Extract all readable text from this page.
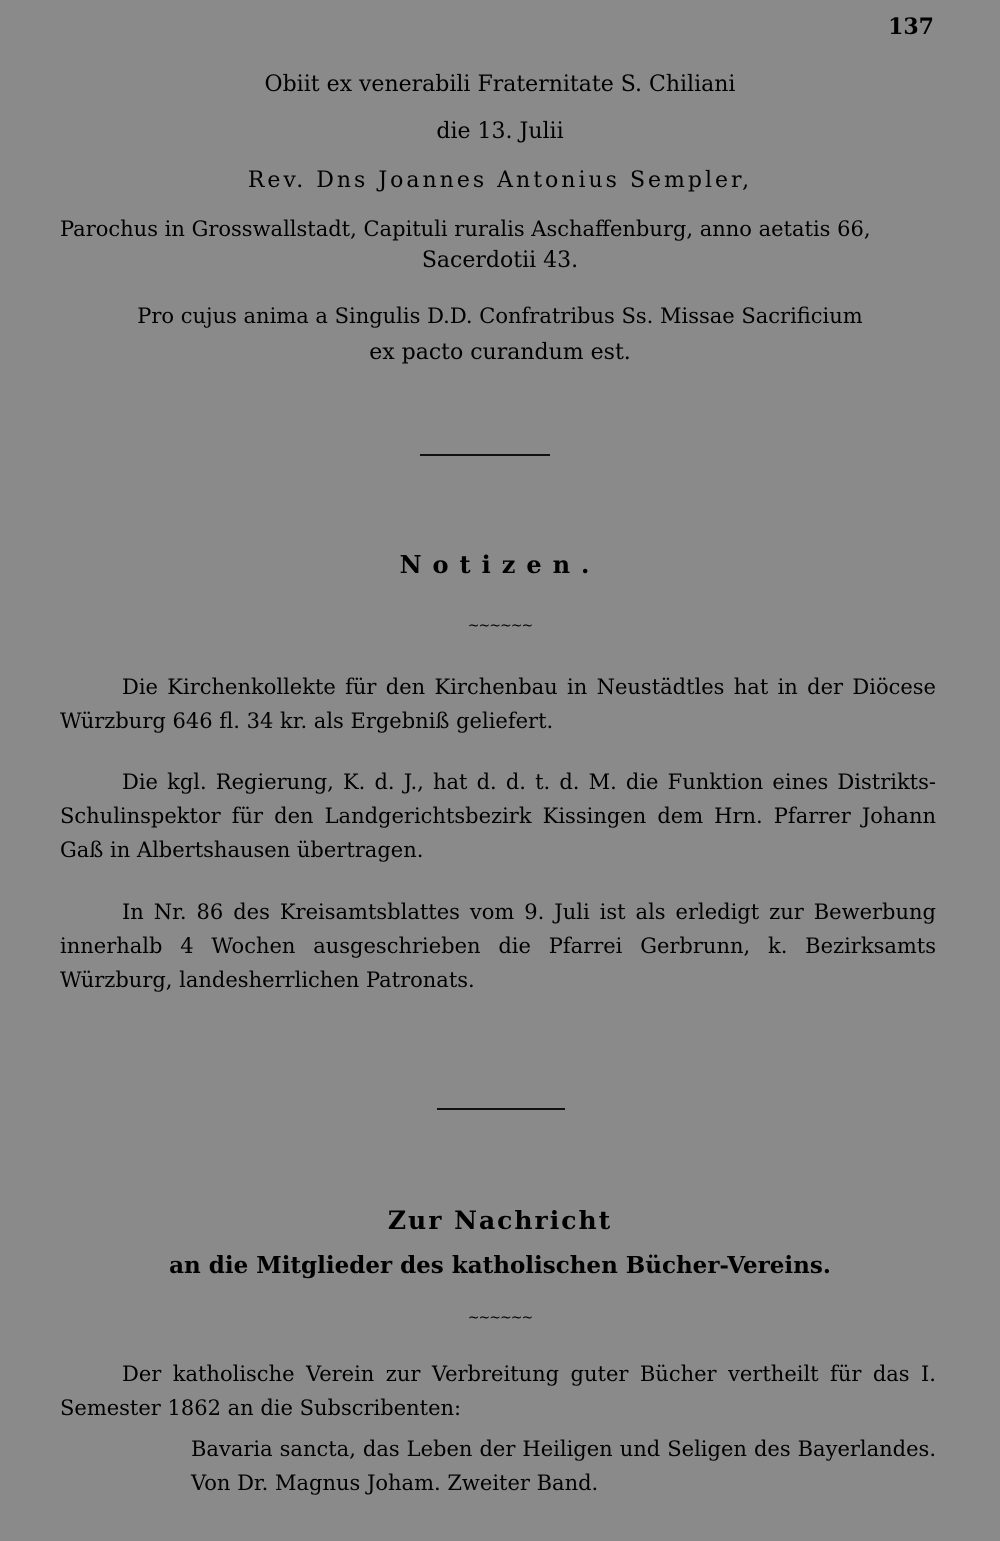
137
Obiit ex venerabili Fraternitate S. Chiliani
die 13. Julii
Rev. Dns Joannes Antonius Sempler,
Parochus in Grosswallstadt, Capituli ruralis Aschaffenburg, anno aetatis 66,
Sacerdotii 43.
Pro cujus anima a Singulis D.D. Confratribus Ss. Missae Sacrificium
ex pacto curandum est.
Notizen.
~~~~~~

Die Kirchenkollekte für den Kirchenbau in Neustädtles hat in der Diöcese Würzburg 646 fl. 34 kr. als Ergebniß geliefert.

Die kgl. Regierung, K. d. J., hat d. d. t. d. M. die Funktion eines Distrikts-Schulinspektor für den Landgerichtsbezirk Kissingen dem Hrn. Pfarrer Johann Gaß in Albertshausen übertragen.

In Nr. 86 des Kreisamtsblattes vom 9. Juli ist als erledigt zur Bewerbung innerhalb 4 Wochen ausgeschrieben die Pfarrei Gerbrunn, k. Bezirksamts Würzburg, landesherrlichen Patronats.

Zur Nachricht
an die Mitglieder des katholischen Bücher-Vereins.
~~~~~~

Der katholische Verein zur Verbreitung guter Bücher vertheilt für das I. Semester 1862 an die Subscribenten:

Bavaria sancta, das Leben der Heiligen und Seligen des Bayerlandes. Von Dr. Magnus Joham. Zweiter Band.
